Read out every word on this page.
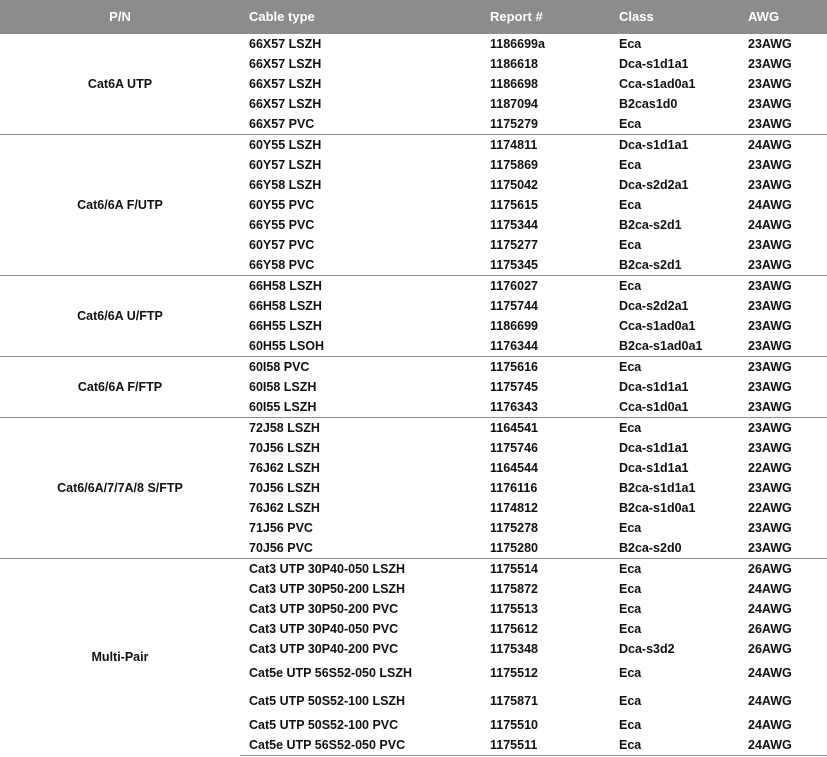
P/N	Cable type	Report #	Class	AWG
Cat6A UTP	66X57 LSZH	1186699a	Eca	23AWG
	66X57 LSZH	1186618	Dca-s1d1a1	23AWG
	66X57 LSZH	1186698	Cca-s1ad0a1	23AWG
	66X57 LSZH	1187094	B2cas1d0	23AWG
	66X57 PVC	1175279	Eca	23AWG
Cat6/6A F/UTP	60Y55 LSZH	1174811	Dca-s1d1a1	24AWG
	60Y57 LSZH	1175869	Eca	23AWG
	66Y58 LSZH	1175042	Dca-s2d2a1	23AWG
	60Y55 PVC	1175615	Eca	24AWG
	66Y55 PVC	1175344	B2ca-s2d1	24AWG
	60Y57 PVC	1175277	Eca	23AWG
	66Y58 PVC	1175345	B2ca-s2d1	23AWG
Cat6/6A U/FTP	66H58 LSZH	1176027	Eca	23AWG
	66H58 LSZH	1175744	Dca-s2d2a1	23AWG
	66H55 LSZH	1186699	Cca-s1ad0a1	23AWG
	60H55 LSOH	1176344	B2ca-s1ad0a1	23AWG
Cat6/6A F/FTP	60I58 PVC	1175616	Eca	23AWG
	60I58 LSZH	1175745	Dca-s1d1a1	23AWG
	60I55 LSZH	1176343	Cca-s1d0a1	23AWG
Cat6/6A/7/7A/8 S/FTP	72J58 LSZH	1164541	Eca	23AWG
	70J56 LSZH	1175746	Dca-s1d1a1	23AWG
	76J62 LSZH	1164544	Dca-s1d1a1	22AWG
	70J56 LSZH	1176116	B2ca-s1d1a1	23AWG
	76J62 LSZH	1174812	B2ca-s1d0a1	22AWG
	71J56 PVC	1175278	Eca	23AWG
	70J56 PVC	1175280	B2ca-s2d0	23AWG
Multi-Pair	Cat3 UTP 30P40-050 LSZH	1175514	Eca	26AWG
	Cat3 UTP 30P50-200 LSZH	1175872	Eca	24AWG
	Cat3 UTP 30P50-200 PVC	1175513	Eca	24AWG
	Cat3 UTP 30P40-050 PVC	1175612	Eca	26AWG
	Cat3 UTP 30P40-200 PVC	1175348	Dca-s3d2	26AWG
	Cat5e UTP 56S52-050 LSZH	1175512	Eca	24AWG
	Cat5 UTP 50S52-100 LSZH	1175871	Eca	24AWG
	Cat5 UTP 50S52-100 PVC	1175510	Eca	24AWG
	Cat5e UTP 56S52-050 PVC	1175511	Eca	24AWG
